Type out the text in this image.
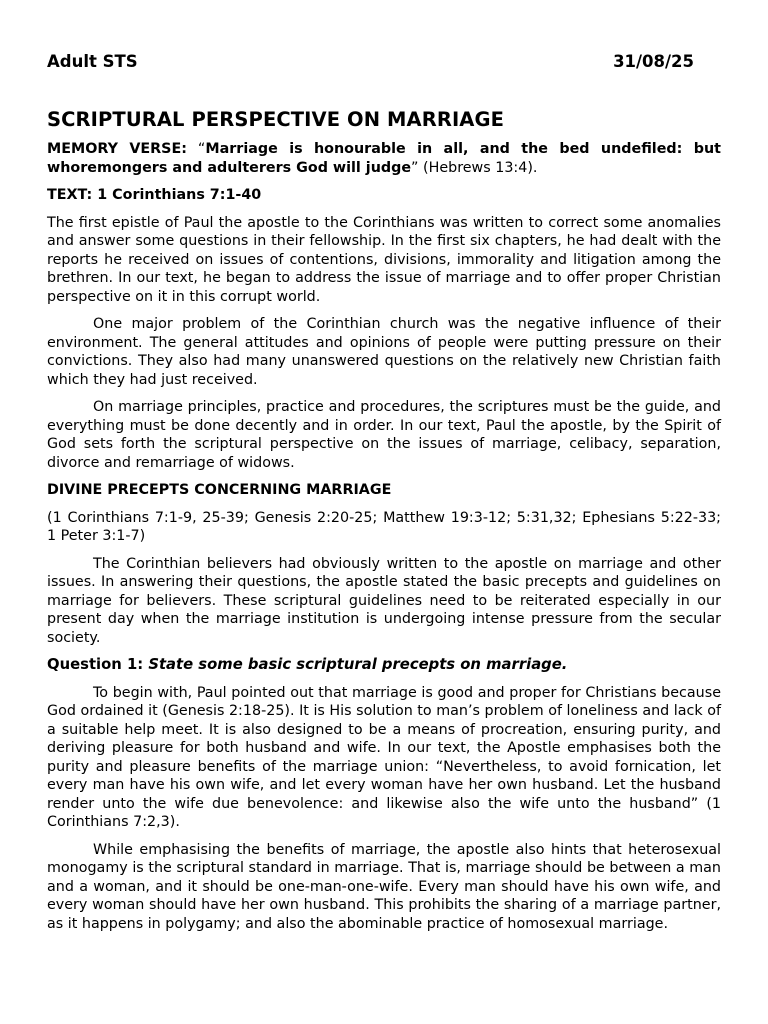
Adult STS	31/08/25
SCRIPTURAL PERSPECTIVE ON MARRIAGE

MEMORY VERSE: “Marriage is honourable in all, and the bed undefiled: but whoremongers and adulterers God will judge” (Hebrews 13:4).

TEXT: 1 Corinthians 7:1-40

The first epistle of Paul the apostle to the Corinthians was written to correct some anomalies and answer some questions in their fellowship. In the first six chapters, he had dealt with the reports he received on issues of contentions, divisions, immorality and litigation among the brethren. In our text, he began to address the issue of marriage and to offer proper Christian perspective on it in this corrupt world.

One major problem of the Corinthian church was the negative influence of their environment. The general attitudes and opinions of people were putting pressure on their convictions. They also had many unanswered questions on the relatively new Christian faith which they had just received.

On marriage principles, practice and procedures, the scriptures must be the guide, and everything must be done decently and in order. In our text, Paul the apostle, by the Spirit of God sets forth the scriptural perspective on the issues of marriage, celibacy, separation, divorce and remarriage of widows.

DIVINE PRECEPTS CONCERNING MARRIAGE

(1 Corinthians 7:1-9, 25-39; Genesis 2:20-25; Matthew 19:3-12; 5:31,32; Ephesians 5:22-33; 1 Peter 3:1-7)

The Corinthian believers had obviously written to the apostle on marriage and other issues. In answering their questions, the apostle stated the basic precepts and guidelines on marriage for believers. These scriptural guidelines need to be reiterated especially in our present day when the marriage institution is undergoing intense pressure from the secular society.

Question 1: State some basic scriptural precepts on marriage.

To begin with, Paul pointed out that marriage is good and proper for Christians because God ordained it (Genesis 2:18-25). It is His solution to man’s problem of loneliness and lack of a suitable help meet. It is also designed to be a means of procreation, ensuring purity, and deriving pleasure for both husband and wife. In our text, the Apostle emphasises both the purity and pleasure benefits of the marriage union: “Nevertheless, to avoid fornication, let every man have his own wife, and let every woman have her own husband. Let the husband render unto the wife due benevolence: and likewise also the wife unto the husband” (1 Corinthians 7:2,3).

While emphasising the benefits of marriage, the apostle also hints that heterosexual monogamy is the scriptural standard in marriage. That is, marriage should be between a man and a woman, and it should be one-man-one-wife. Every man should have his own wife, and every woman should have her own husband. This prohibits the sharing of a marriage partner, as it happens in polygamy; and also the abominable practice of homosexual marriage.
